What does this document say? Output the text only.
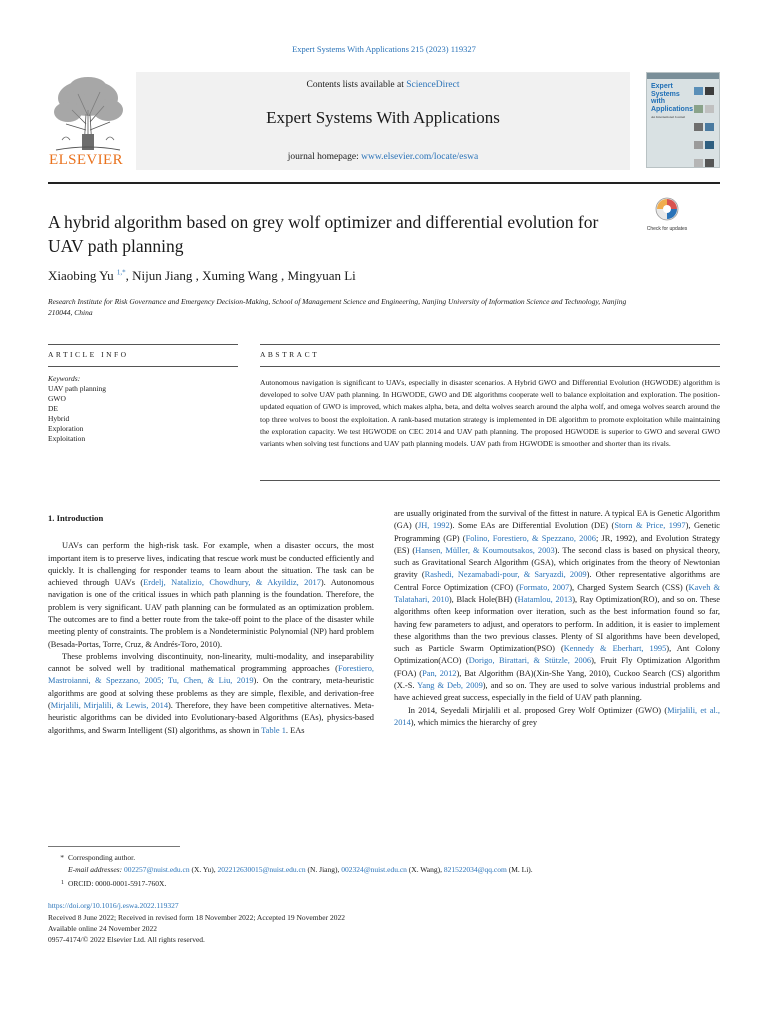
Expert Systems With Applications 215 (2023) 119327
ELSEVIER
Contents lists available at ScienceDirect
Expert Systems With Applications
journal homepage: www.elsevier.com/locate/eswa
Expert Systems with Applications
An International Journal

A hybrid algorithm based on grey wolf optimizer and differential evolution for UAV path planning
Check for updates
Xiaobing Yu $^{1,*}$, Nijun Jiang , Xuming Wang , Mingyuan Li
Research Institute for Risk Governance and Emergency Decision-Making, School of Management Science and Engineering, Nanjing University of Information Science and Technology, Nanjing 210044, China
ARTICLE INFO	ABSTRACT
Keywords:
UAV path planning
GWO
DE
Hybrid
Exploration
Exploitation
Autonomous navigation is significant to UAVs, especially in disaster scenarios. A Hybrid GWO and Differential Evolution (HGWODE) algorithm is developed to solve UAV path planning. In HGWODE, GWO and DE algorithms cooperate well to balance exploitation and exploration. The position-updated equation of GWO is improved, which makes alpha, beta, and delta wolves search around the alpha wolf, and omega wolves search around the top three wolves to boost the exploitation. A rank-based mutation strategy is implemented in DE algorithm to promote exploitation while maintaining the exploration capacity. We test HGWODE on CEC 2014 and UAV path planning. The proposed HGWODE is superior to GWO and several GWO variants when solving test functions and UAV path planning models. UAV path from HGWODE is smoother and shorter than its rivals.

1. Introduction

UAVs can perform the high-risk task. For example, when a disaster occurs, the most important item is to preserve lives, indicating that rescue work must be conducted efficiently and quickly. It is challenging for responder teams to learn about the situation. The task can be achieved through UAVs (Erdelj, Natalizio, Chowdhury, & Akyildiz, 2017). Autonomous navigation is one of the critical issues in which path planning is the foundation. Therefore, the problem is very significant. UAV path planning can be formulated as an optimization problem. The outcomes are to find a better route from the take-off point to the place of the disaster while meeting plenty of constraints. The problem is a Nondeterministic Polynomial (NP) hard problem (Besada-Portas, Torre, Cruz, & Andrés-Toro, 2010).

These problems involving discontinuity, non-linearity, multi-modality, and inseparability cannot be solved well by traditional mathematical programming approaches (Forestiero, Mastroianni, & Spezzano, 2005; Tu, Chen, & Liu, 2019). On the contrary, meta-heuristic algorithms are good at solving these problems as they are simple, flexible, and derivation-free (Mirjalili, Mirjalili, & Lewis, 2014). Therefore, they have been competitive alternatives. Meta-heuristic algorithms can be divided into Evolutionary-based Algorithms (EAs), physics-based algorithms, and Swarm Intelligent (SI) algorithms, as shown in Table 1. EAs

are usually originated from the survival of the fittest in nature. A typical EA is Genetic Algorithm (GA) (JH, 1992). Some EAs are Differential Evolution (DE) (Storn & Price, 1997), Genetic Programming (GP) (Folino, Forestiero, & Spezzano, 2006; JR, 1992), and Evolution Strategy (ES) (Hansen, Müller, & Koumoutsakos, 2003). The second class is based on physical theory, such as Gravitational Search Algorithm (GSA), which originates from the theory of Newtonian gravity (Rashedi, Nezamabadi-pour, & Saryazdi, 2009). Other representative algorithms are Central Force Optimization (CFO) (Formato, 2007), Charged System Search (CSS) (Kaveh & Talatahari, 2010), Black Hole(BH) (Hatamlou, 2013), Ray Optimization(RO), and so on. These algorithms often keep information over iteration, such as the best information found so far, having few parameters to adjust, and operators to perform. In addition, it is easier to implement these algorithms than the two previous classes. Plenty of SI algorithms have been developed, such as Particle Swarm Optimization(PSO) (Kennedy & Eberhart, 1995), Ant Colony Optimization(ACO) (Dorigo, Birattari, & Stützle, 2006), Fruit Fly Optimization Algorithm (FOA) (Pan, 2012), Bat Algorithm (BA)(Xin-She Yang, 2010), Cuckoo Search (CS) algorithm (X.-S. Yang & Deb, 2009), and so on. They are used to solve various industrial problems and have achieved great success, especially in the field of UAV path planning.

In 2014, Seyedali Mirjalili et al. proposed Grey Wolf Optimizer (GWO) (Mirjalili, et al., 2014), which mimics the hierarchy of grey

* Corresponding author.
E-mail addresses: 002257@nuist.edu.cn (X. Yu), 202212630015@nuist.edu.cn (N. Jiang), 002324@nuist.edu.cn (X. Wang), 821522034@qq.com (M. Li).
1 ORCID: 0000-0001-5917-760X.
https://doi.org/10.1016/j.eswa.2022.119327
Received 8 June 2022; Received in revised form 18 November 2022; Accepted 19 November 2022
Available online 24 November 2022
0957-4174/© 2022 Elsevier Ltd. All rights reserved.
